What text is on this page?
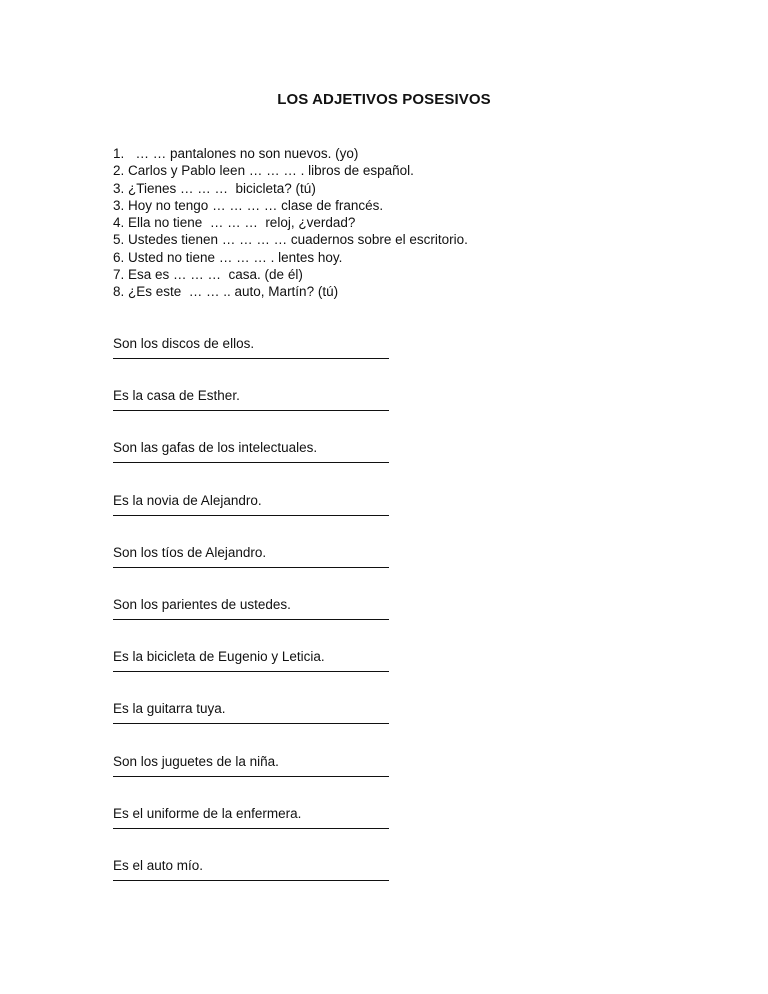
LOS ADJETIVOS POSESIVOS
1.   … … pantalones no son nuevos. (yo)
2. Carlos y Pablo leen … … … . libros de español.
3. ¿Tienes … … …  bicicleta? (tú)
3. Hoy no tengo … … … … clase de francés.
4. Ella no tiene  … … …  reloj, ¿verdad?
5. Ustedes tienen … … … … cuadernos sobre el escritorio.
6. Usted no tiene … … … . lentes hoy.
7. Esa es … … …  casa. (de él)
8. ¿Es este  … … .. auto, Martín? (tú)
Son los discos de ellos.
Es la casa de Esther.
Son las gafas de los intelectuales.
Es la novia de Alejandro.
Son los tíos de Alejandro.
Son los parientes de ustedes.
Es la bicicleta de Eugenio y Leticia.
Es la guitarra tuya.
Son los juguetes de la niña.
Es el uniforme de la enfermera.
Es el auto mío.
